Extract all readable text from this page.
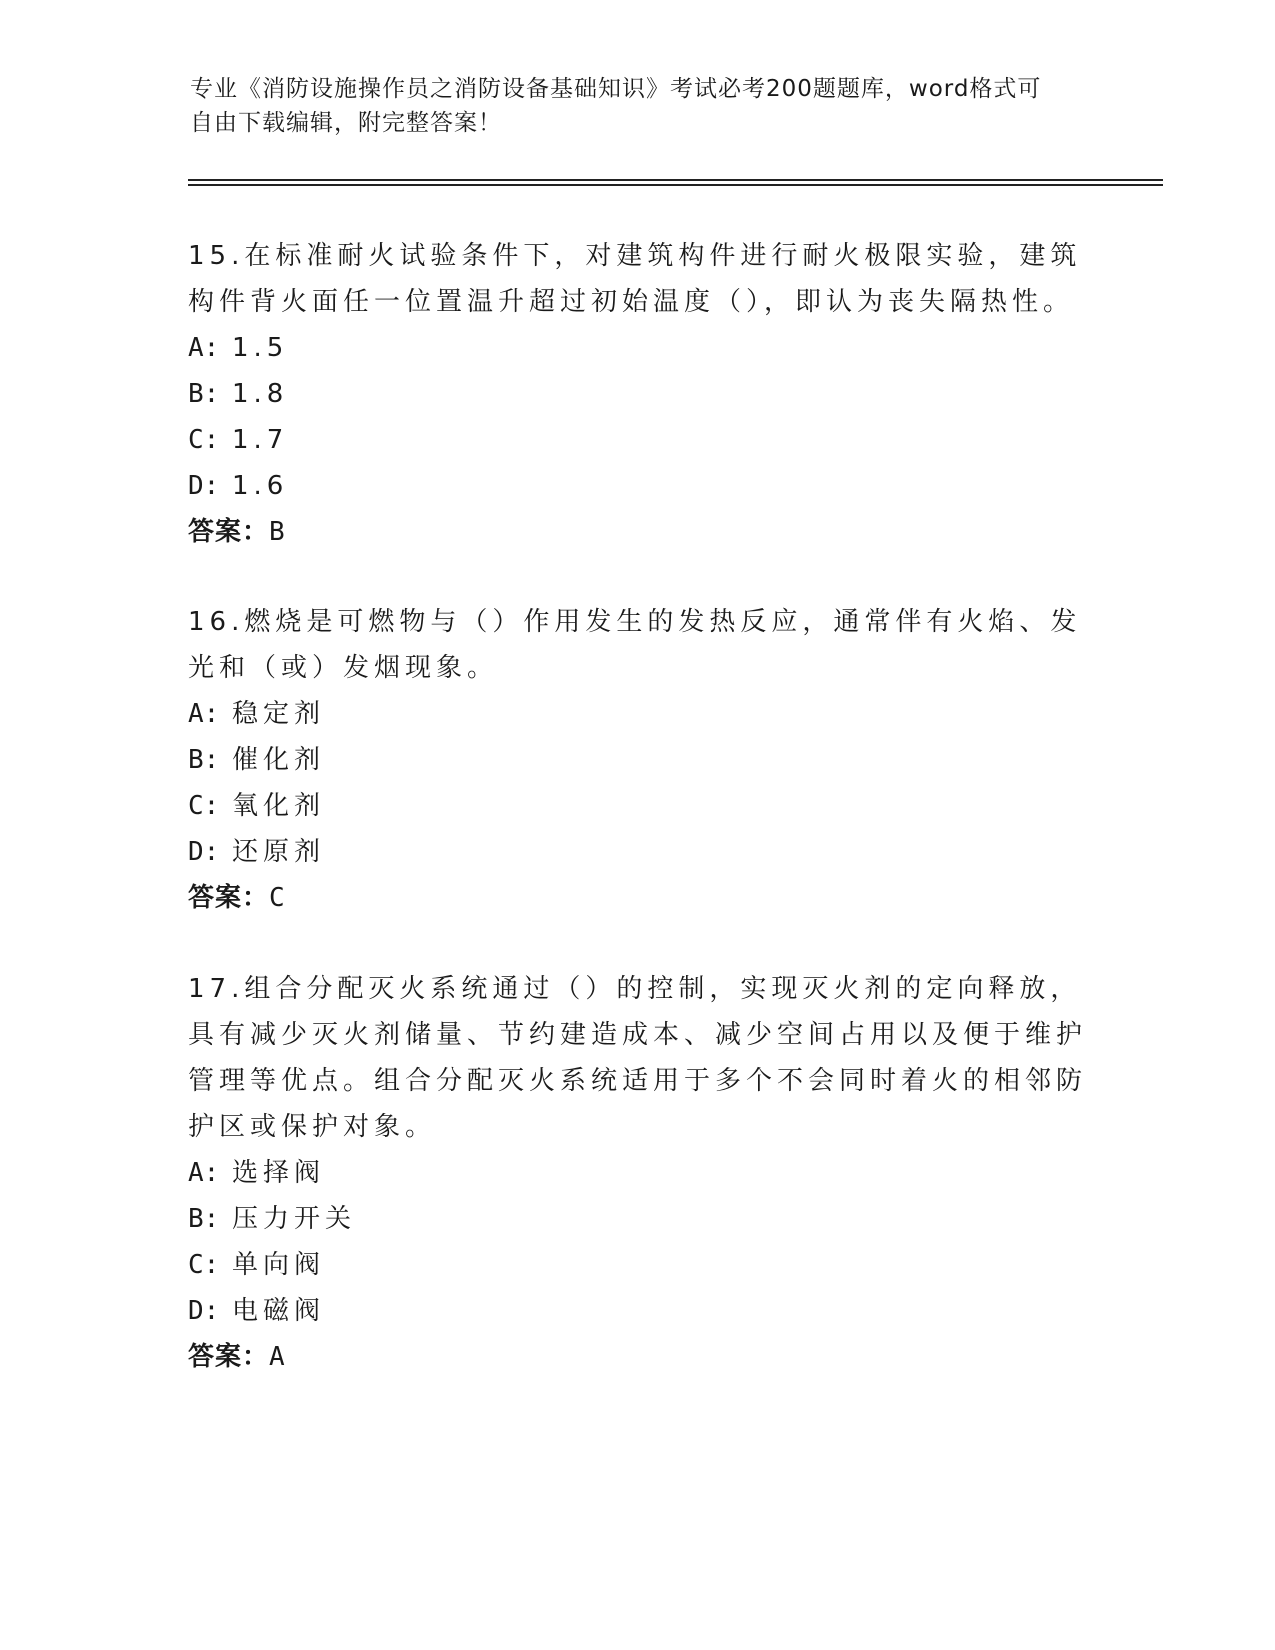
专业《消防设施操作员之消防设备基础知识》考试必考200题题库，word格式可
自由下载编辑，附完整答案！

15.在标准耐火试验条件下，对建筑构件进行耐火极限实验，建筑构件背火面任一位置温升超过初始温度（），即认为丧失隔热性。

A: 1.5
B: 1.8
C: 1.7
D: 1.6
答案：B

16.燃烧是可燃物与（）作用发生的发热反应，通常伴有火焰、发光和（或）发烟现象。

A: 稳定剂
B: 催化剂
C: 氧化剂
D: 还原剂
答案：C

17.组合分配灭火系统通过（）的控制，实现灭火剂的定向释放，具有减少灭火剂储量、节约建造成本、减少空间占用以及便于维护管理等优点。组合分配灭火系统适用于多个不会同时着火的相邻防护区或保护对象。

A: 选择阀
B: 压力开关
C: 单向阀
D: 电磁阀
答案：A
